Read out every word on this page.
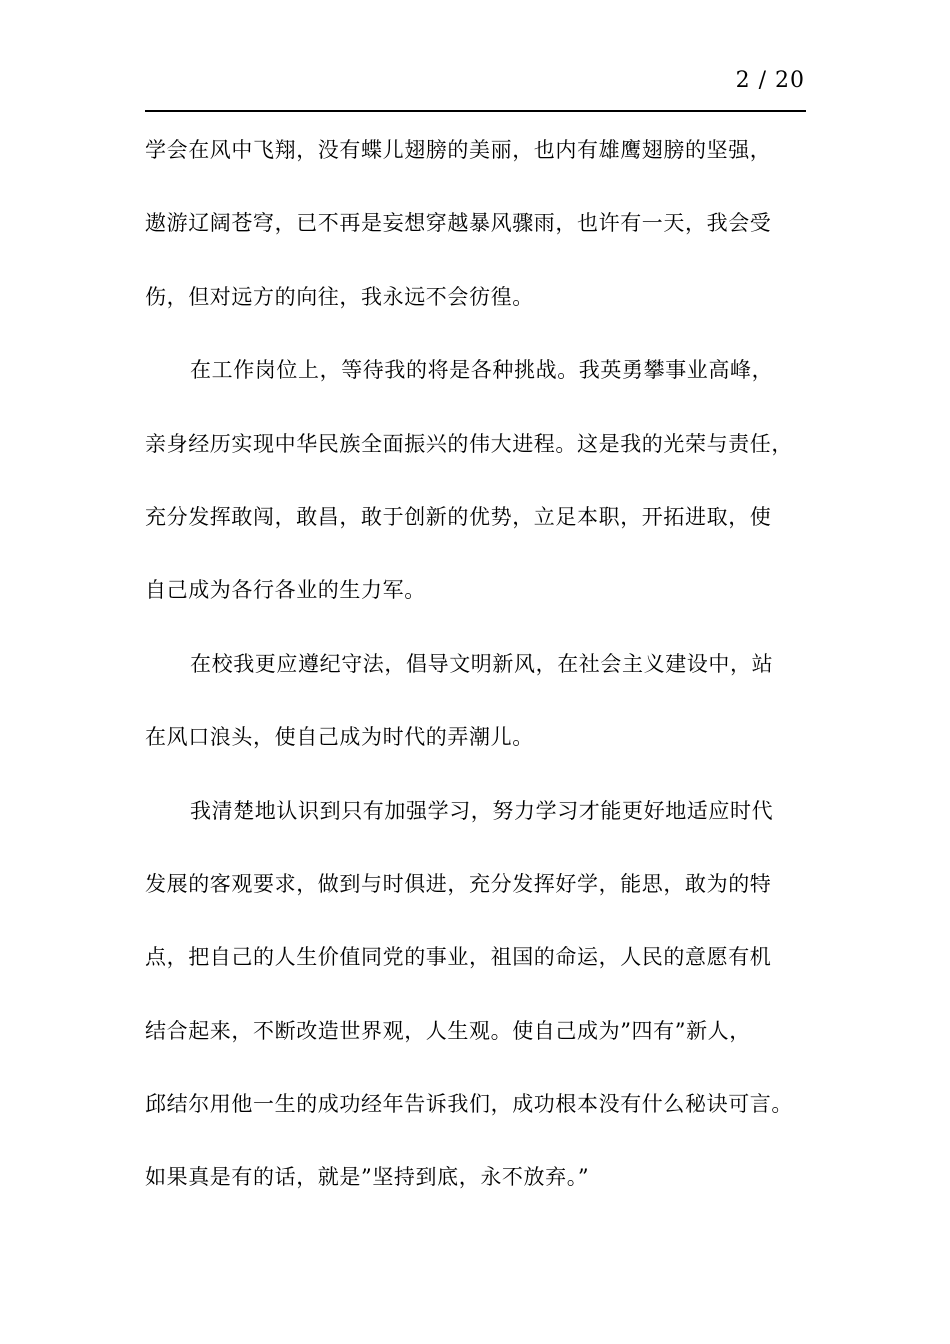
2 / 20
学会在风中飞翔，没有蝶儿翅膀的美丽，也内有雄鹰翅膀的坚强，
遨游辽阔苍穹，已不再是妄想穿越暴风骤雨，也许有一天，我会受
伤，但对远方的向往，我永远不会彷徨。
在工作岗位上，等待我的将是各种挑战。我英勇攀事业高峰，
亲身经历实现中华民族全面振兴的伟大进程。这是我的光荣与责任，
充分发挥敢闯，敢昌，敢于创新的优势，立足本职，开拓进取，使
自己成为各行各业的生力军。
在校我更应遵纪守法，倡导文明新风，在社会主义建设中，站
在风口浪头，使自己成为时代的弄潮儿。
我清楚地认识到只有加强学习，努力学习才能更好地适应时代
发展的客观要求，做到与时俱进，充分发挥好学，能思，敢为的特
点，把自己的人生价值同党的事业，祖国的命运，人民的意愿有机
结合起来，不断改造世界观，人生观。使自己成为”四有”新人，
邱结尔用他一生的成功经年告诉我们，成功根本没有什么秘诀可言。
如果真是有的话，就是”坚持到底，永不放弃。”
